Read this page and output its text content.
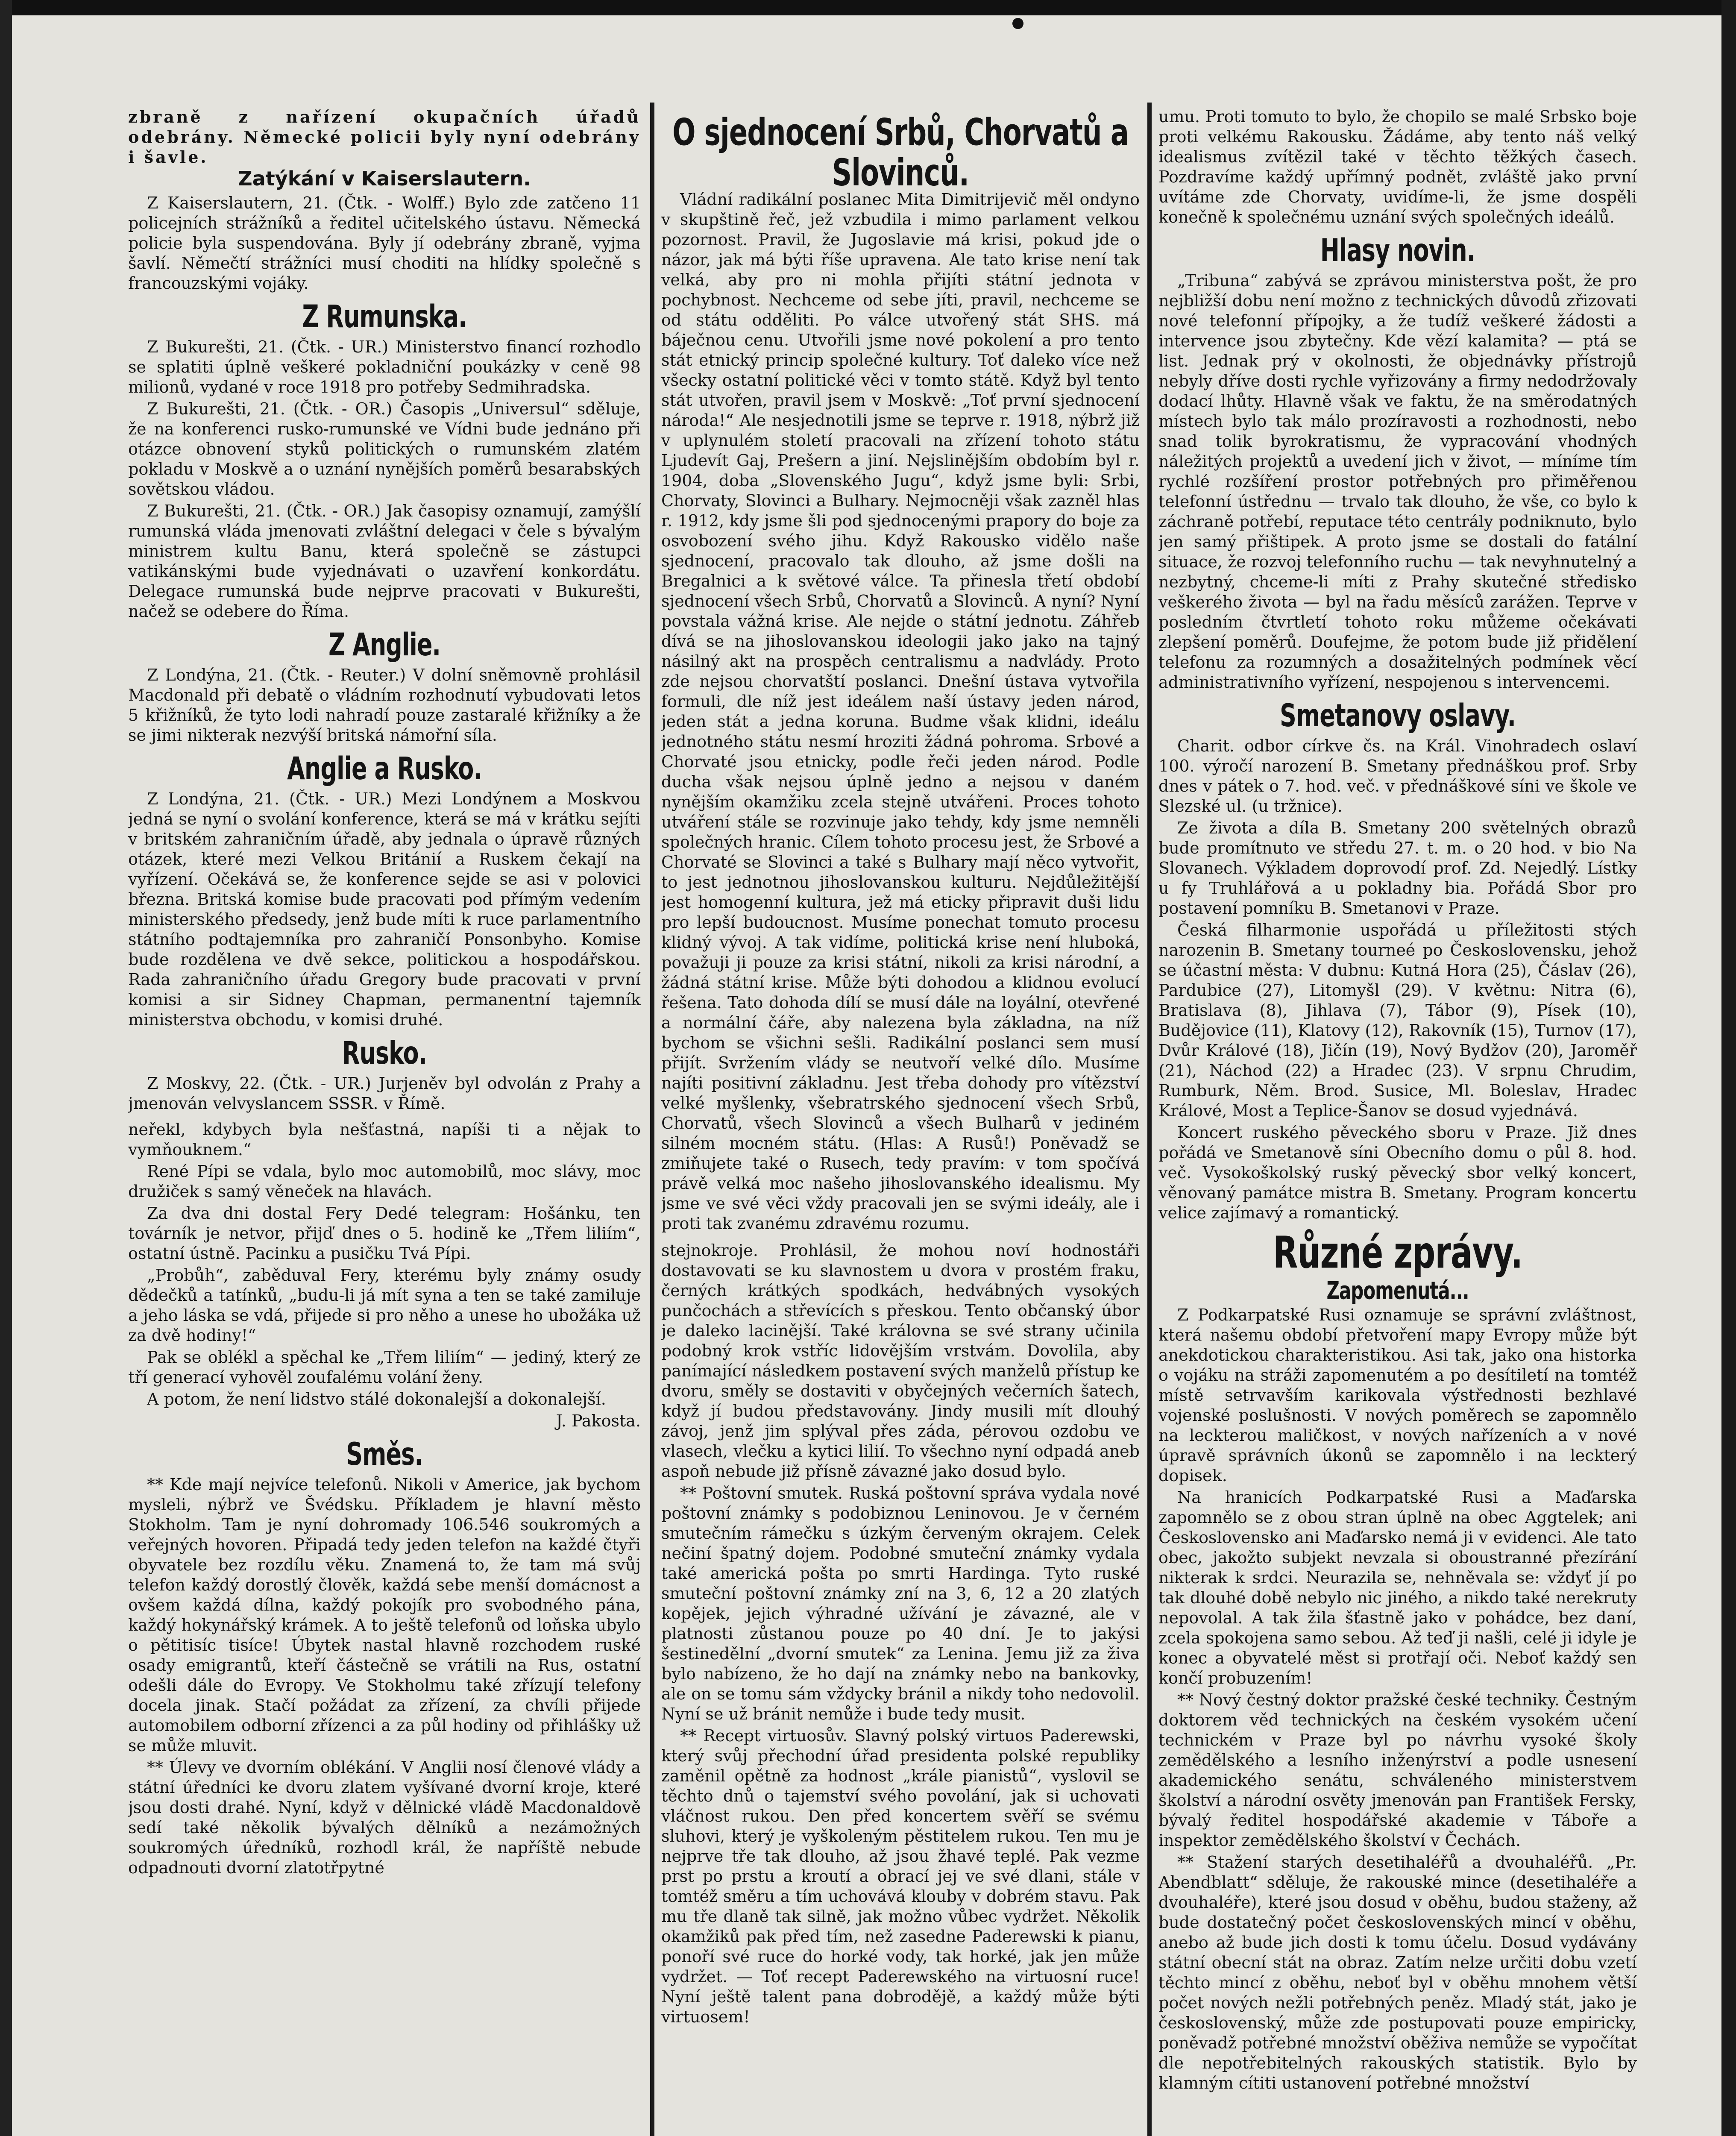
zbraně z nařízení okupačních úřadů odebrány. Německé policii byly nyní odebrány i šavle.

Zatýkání v Kaiserslautern.

Z Kaiserslautern, 21. (Čtk. - Wolff.) Bylo zde zatčeno 11 policejních strážníků a ředitel učitelského ústavu. Německá policie byla suspendována. Byly jí odebrány zbraně, vyjma šavlí. Němečtí strážníci musí choditi na hlídky společně s francouzskými vojáky.

Z Rumunska.

Z Bukurešti, 21. (Čtk. - UR.) Ministerstvo financí rozhodlo se splatiti úplně veškeré pokladniční poukázky v ceně 98 milionů, vydané v roce 1918 pro potřeby Sedmihradska.

Z Bukurešti, 21. (Čtk. - OR.) Časopis „Universul“ sděluje, že na konferenci rusko-rumunské ve Vídni bude jednáno při otázce obnovení styků politických o rumunském zlatém pokladu v Moskvě a o uznání nynějších poměrů besarabských sovětskou vládou.

Z Bukurešti, 21. (Čtk. - OR.) Jak časopisy oznamují, zamýšlí rumunská vláda jmenovati zvláštní delegaci v čele s bývalým ministrem kultu Banu, která společně se zástupci vatikánskými bude vyjednávati o uzavření konkordátu. Delegace rumunská bude nejprve pracovati v Bukurešti, načež se odebere do Říma.

Z Anglie.

Z Londýna, 21. (Čtk. - Reuter.) V dolní sněmovně prohlásil Macdonald při debatě o vládním rozhodnutí vybudovati letos 5 křižníků, že tyto lodi nahradí pouze zastaralé křižníky a že se jimi nikterak nezvýší britská námořní síla.

Anglie a Rusko.

Z Londýna, 21. (Čtk. - UR.) Mezi Londýnem a Moskvou jedná se nyní o svolání konference, která se má v krátku sejíti v britském zahraničním úřadě, aby jednala o úpravě různých otázek, které mezi Velkou Británií a Ruskem čekají na vyřízení. Očekává se, že konference sejde se asi v polovici března. Britská komise bude pracovati pod přímým vedením ministerského předsedy, jenž bude míti k ruce parlamentního státního podtajemníka pro zahraničí Ponsonbyho. Komise bude rozdělena ve dvě sekce, politickou a hospodářskou. Rada zahraničního úřadu Gregory bude pracovati v první komisi a sir Sidney Chapman, permanentní tajemník ministerstva obchodu, v komisi druhé.

Rusko.

Z Moskvy, 22. (Čtk. - UR.) Jurjeněv byl odvolán z Prahy a jmenován velvyslancem SSSR. v Římě.

neřekl, kdybych byla nešťastná, napíši ti a nějak to vymňouknem.“

René Pípi se vdala, bylo moc automobilů, moc slávy, moc družiček s samý věneček na hlavách.

Za dva dni dostal Fery Dedé telegram: Hošánku, ten továrník je netvor, přijď dnes o 5. hodině ke „Třem liliím“, ostatní ústně. Pacinku a pusičku Tvá Pípi.

„Probůh“, zaběduval Fery, kterému byly známy osudy dědečků a tatínků, „budu-li já mít syna a ten se také zamiluje a jeho láska se vdá, přijede si pro něho a unese ho ubožáka už za dvě hodiny!“

Pak se oblékl a spěchal ke „Třem liliím“ — jediný, který ze tří generací vyhověl zoufalému volání ženy.

A potom, že není lidstvo stálé dokonalejší a dokonalejší.

J. Pakosta.

Směs.

** Kde mají nejvíce telefonů. Nikoli v Americe, jak bychom mysleli, nýbrž ve Švédsku. Příkladem je hlavní město Stokholm. Tam je nyní dohromady 106.546 soukromých a veřejných hovoren. Připadá tedy jeden telefon na každé čtyři obyvatele bez rozdílu věku. Znamená to, že tam má svůj telefon každý dorostlý člověk, každá sebe menší domácnost a ovšem každá dílna, každý pokojík pro svobodného pána, každý hokynářský krámek. A to ještě telefonů od loňska ubylo o pětitisíc tisíce! Úbytek nastal hlavně rozchodem ruské osady emigrantů, kteří částečně se vrátili na Rus, ostatní odešli dále do Evropy. Ve Stokholmu také zřízují telefony docela jinak. Stačí požádat za zřízení, za chvíli přijede automobilem odborní zřízenci a za půl hodiny od přihlášky už se může mluvit.

** Úlevy ve dvorním oblékání. V Anglii nosí členové vlády a státní úředníci ke dvoru zlatem vyšívané dvorní kroje, které jsou dosti drahé. Nyní, když v dělnické vládě Macdonaldově sedí také několik bývalých dělníků a nezámožných soukromých úředníků, rozhodl král, že napříště nebude odpadnouti dvorní zlatotřpytné

O sjednocení Srbů, Chorvatů a Slovinců.

Vládní radikální poslanec Mita Dimitrijevič měl ondyno v skupštině řeč, jež vzbudila i mimo parlament velkou pozornost. Pravil, že Jugoslavie má krisi, pokud jde o názor, jak má býti říše upravena. Ale tato krise není tak velká, aby pro ni mohla přijíti státní jednota v pochybnost. Nechceme od sebe jíti, pravil, nechceme se od státu odděliti. Po válce utvořený stát SHS. má báječnou cenu. Utvořili jsme nové pokolení a pro tento stát etnický princip společné kultury. Toť daleko více než všecky ostatní politické věci v tomto státě. Když byl tento stát utvořen, pravil jsem v Moskvě: „Toť první sjednocení národa!“ Ale nesjednotili jsme se teprve r. 1918, nýbrž již v uplynulém století pracovali na zřízení tohoto státu Ljudevít Gaj, Prešern a jiní. Nejslinějším obdobím byl r. 1904, doba „Slovenského Jugu“, když jsme byli: Srbi, Chorvaty, Slovinci a Bulhary. Nejmocněji však zazněl hlas r. 1912, kdy jsme šli pod sjednocenými prapory do boje za osvobození svého jihu. Když Rakousko vidělo naše sjednocení, pracovalo tak dlouho, až jsme došli na Bregalnici a k světové válce. Ta přinesla třetí období sjednocení všech Srbů, Chorvatů a Slovinců. A nyní? Nyní povstala vážná krise. Ale nejde o státní jednotu. Záhřeb dívá se na jihoslovanskou ideologii jako jako na tajný násilný akt na prospěch centralismu a nadvlády. Proto zde nejsou chorvatští poslanci. Dnešní ústava vytvořila formuli, dle níž jest ideálem naší ústavy jeden národ, jeden stát a jedna koruna. Budme však klidni, ideálu jednotného státu nesmí hroziti žádná pohroma. Srbové a Chorvaté jsou etnicky, podle řeči jeden národ. Podle ducha však nejsou úplně jedno a nejsou v daném nynějším okamžiku zcela stejně utvářeni. Proces tohoto utváření stále se rozvinuje jako tehdy, kdy jsme nemněli společných hranic. Cílem tohoto procesu jest, že Srbové a Chorvaté se Slovinci a také s Bulhary mají něco vytvořit, to jest jednotnou jihoslovanskou kulturu. Nejdůležitější jest homogenní kultura, jež má eticky připravit duši lidu pro lepší budoucnost. Musíme ponechat tomuto procesu klidný vývoj. A tak vidíme, politická krise není hluboká, považuji ji pouze za krisi státní, nikoli za krisi národní, a žádná státní krise. Může býti dohodou a klidnou evolucí řešena. Tato dohoda dílí se musí dále na loyální, otevřené a normální čáře, aby nalezena byla základna, na níž bychom se všichni sešli. Radikální poslanci sem musí přijít. Svržením vlády se neutvoří velké dílo. Musíme najíti positivní základnu. Jest třeba dohody pro vítězství velké myšlenky, všebratrského sjednocení všech Srbů, Chorvatů, všech Slovinců a všech Bulharů v jediném silném mocném státu. (Hlas: A Rusů!) Poněvadž se zmiňujete také o Rusech, tedy pravím: v tom spočívá právě velká moc našeho jihoslovanského idealismu. My jsme ve své věci vždy pracovali jen se svými ideály, ale i proti tak zvanému zdravému rozumu.

stejnokroje. Prohlásil, že mohou noví hodnostáři dostavovati se ku slavnostem u dvora v prostém fraku, černých krátkých spodkách, hedvábných vysokých punčochách a střevících s přeskou. Tento občanský úbor je daleko lacinější. Také královna se své strany učinila podobný krok vstříc lidovějším vrstvám. Dovolila, aby panímající následkem postavení svých manželů přístup ke dvoru, směly se dostaviti v obyčejných večerních šatech, když jí budou představovány. Jindy musili mít dlouhý závoj, jenž jim splýval přes záda, pérovou ozdobu ve vlasech, vlečku a kytici lilií. To všechno nyní odpadá aneb aspoň nebude již přísně závazné jako dosud bylo.

** Poštovní smutek. Ruská poštovní správa vydala nové poštovní známky s podobiznou Leninovou. Je v černém smutečním rámečku s úzkým červeným okrajem. Celek nečiní špatný dojem. Podobné smuteční známky vydala také americká pošta po smrti Hardinga. Tyto ruské smuteční poštovní známky zní na 3, 6, 12 a 20 zlatých kopějek, jejich výhradné užívání je závazné, ale v platnosti zůstanou pouze po 40 dní. Je to jakýsi šestinedělní „dvorní smutek“ za Lenina. Jemu již za živa bylo nabízeno, že ho dají na známky nebo na bankovky, ale on se tomu sám vždycky bránil a nikdy toho nedovolil. Nyní se už bránit nemůže i bude tedy musit.

** Recept virtuosův. Slavný polský virtuos Paderewski, který svůj přechodní úřad presidenta polské republiky zaměnil opětně za hodnost „krále pianistů“, vyslovil se těchto dnů o tajemství svého povolání, jak si uchovati vláčnost rukou. Den před koncertem svěří se svému sluhovi, který je vyškoleným pěstitelem rukou. Ten mu je nejprve tře tak dlouho, až jsou žhavé teplé. Pak vezme prst po prstu a kroutí a obrací jej ve své dlani, stále v tomtéž směru a tím uchovává klouby v dobrém stavu. Pak mu tře dlaně tak silně, jak možno vůbec vydržet. Několik okamžiků pak před tím, než zasedne Paderewski k pianu, ponoří své ruce do horké vody, tak horké, jak jen může vydržet. — Toť recept Paderewského na virtuosní ruce! Nyní ještě talent pana dobrodějě, a každý může býti virtuosem!

umu. Proti tomuto to bylo, že chopilo se malé Srbsko boje proti velkému Rakousku. Žádáme, aby tento náš velký idealismus zvítězil také v těchto těžkých časech. Pozdravíme každý upřímný podnět, zvláště jako první uvítáme zde Chorvaty, uvidíme-li, že jsme dospěli konečně k společnému uznání svých společných ideálů.

Hlasy novin.

„Tribuna“ zabývá se zprávou ministerstva pošt, že pro nejbližší dobu není možno z technických důvodů zřizovati nové telefonní přípojky, a že tudíž veškeré žádosti a intervence jsou zbytečny. Kde vězí kalamita? — ptá se list. Jednak prý v okolnosti, že objednávky přístrojů nebyly dříve dosti rychle vyřizovány a firmy nedodržovaly dodací lhůty. Hlavně však ve faktu, že na směrodatných místech bylo tak málo prozíravosti a rozhodnosti, nebo snad tolik byrokratismu, že vypracování vhodných náležitých projektů a uvedení jich v život, — míníme tím rychlé rozšíření prostor potřebných pro přiměřenou telefonní ústřednu — trvalo tak dlouho, že vše, co bylo k záchraně potřebí, reputace této centrály podniknuto, bylo jen samý přištipek. A proto jsme se dostali do fatální situace, že rozvoj telefonního ruchu — tak nevyhnutelný a nezbytný, chceme-li míti z Prahy skutečné středisko veškerého života — byl na řadu měsíců zarážen. Teprve v posledním čtvrtletí tohoto roku můžeme očekávati zlepšení poměrů. Doufejme, že potom bude již přidělení telefonu za rozumných a dosažitelných podmínek věcí administrativního vyřízení, nespojenou s intervencemi.

Smetanovy oslavy.

Charit. odbor církve čs. na Král. Vinohradech oslaví 100. výročí narození B. Smetany přednáškou prof. Srby dnes v pátek o 7. hod. več. v přednáškové síni ve škole ve Slezské ul. (u tržnice).

Ze života a díla B. Smetany 200 světelných obrazů bude promítnuto ve středu 27. t. m. o 20 hod. v bio Na Slovanech. Výkladem doprovodí prof. Zd. Nejedlý. Lístky u fy Truhlářová a u pokladny bia. Pořádá Sbor pro postavení pomníku B. Smetanovi v Praze.

Česká filharmonie uspořádá u příležitosti stých narozenin B. Smetany tourneé po Československu, jehož se účastní města: V dubnu: Kutná Hora (25), Čáslav (26), Pardubice (27), Litomyšl (29). V květnu: Nitra (6), Bratislava (8), Jihlava (7), Tábor (9), Písek (10), Budějovice (11), Klatovy (12), Rakovník (15), Turnov (17), Dvůr Králové (18), Jičín (19), Nový Bydžov (20), Jaroměř (21), Náchod (22) a Hradec (23). V srpnu Chrudim, Rumburk, Něm. Brod. Susice, Ml. Boleslav, Hradec Králové, Most a Teplice-Šanov se dosud vyjednává.

Koncert ruského pěveckého sboru v Praze. Již dnes pořádá ve Smetanově síni Obecního domu o půl 8. hod. več. Vysokoškolský ruský pěvecký sbor velký koncert, věnovaný památce mistra B. Smetany. Program koncertu velice zajímavý a romantický.

Různé zprávy.
Zapomenutá...

Z Podkarpatské Rusi oznamuje se správní zvláštnost, která našemu období přetvoření mapy Evropy může být anekdotickou charakteristikou. Asi tak, jako ona historka o vojáku na stráži zapomenutém a po desítiletí na tomtéž místě setrvavším karikovala výstřednosti bezhlavé vojenské poslušnosti. V nových poměrech se zapomnělo na leckterou maličkost, v nových nařízeních a v nové úpravě správních úkonů se zapomnělo i na leckterý dopisek.

Na hranicích Podkarpatské Rusi a Maďarska zapomnělo se z obou stran úplně na obec Aggtelek; ani Československo ani Maďarsko nemá ji v evidenci. Ale tato obec, jakožto subjekt nevzala si oboustranné přezírání nikterak k srdci. Neurazila se, nehněvala se: vždyť jí po tak dlouhé době nebylo nic jiného, a nikdo také nerekruty nepovolal. A tak žila šťastně jako v pohádce, bez daní, zcela spokojena samo sebou. Až teď ji našli, celé ji idyle je konec a obyvatelé měst si protřají oči. Neboť každý sen končí probuzením!

** Nový čestný doktor pražské české techniky. Čestným doktorem věd technických na českém vysokém učení technickém v Praze byl po návrhu vysoké školy zemědělského a lesního inženýrství a podle usnesení akademického senátu, schváleného ministerstvem školství a národní osvěty jmenován pan František Fersky, bývalý ředitel hospodářské akademie v Táboře a inspektor zemědělského školství v Čechách.

** Stažení starých desetihaléřů a dvouhaléřů. „Pr. Abendblatt“ sděluje, že rakouské mince (desetihaléře a dvouhaléře), které jsou dosud v oběhu, budou staženy, až bude dostatečný počet československých mincí v oběhu, anebo až bude jich dosti k tomu účelu. Dosud vydávány státní obecní stát na obraz. Zatím nelze určiti dobu vzetí těchto mincí z oběhu, neboť byl v oběhu mnohem větší počet nových nežli potřebných peněz. Mladý stát, jako je československý, může zde postupovati pouze empiricky, poněvadž potřebné množství oběživa nemůže se vypočítat dle nepotřebitelných rakouských statistik. Bylo by klamným cítiti ustanovení potřebné množství
